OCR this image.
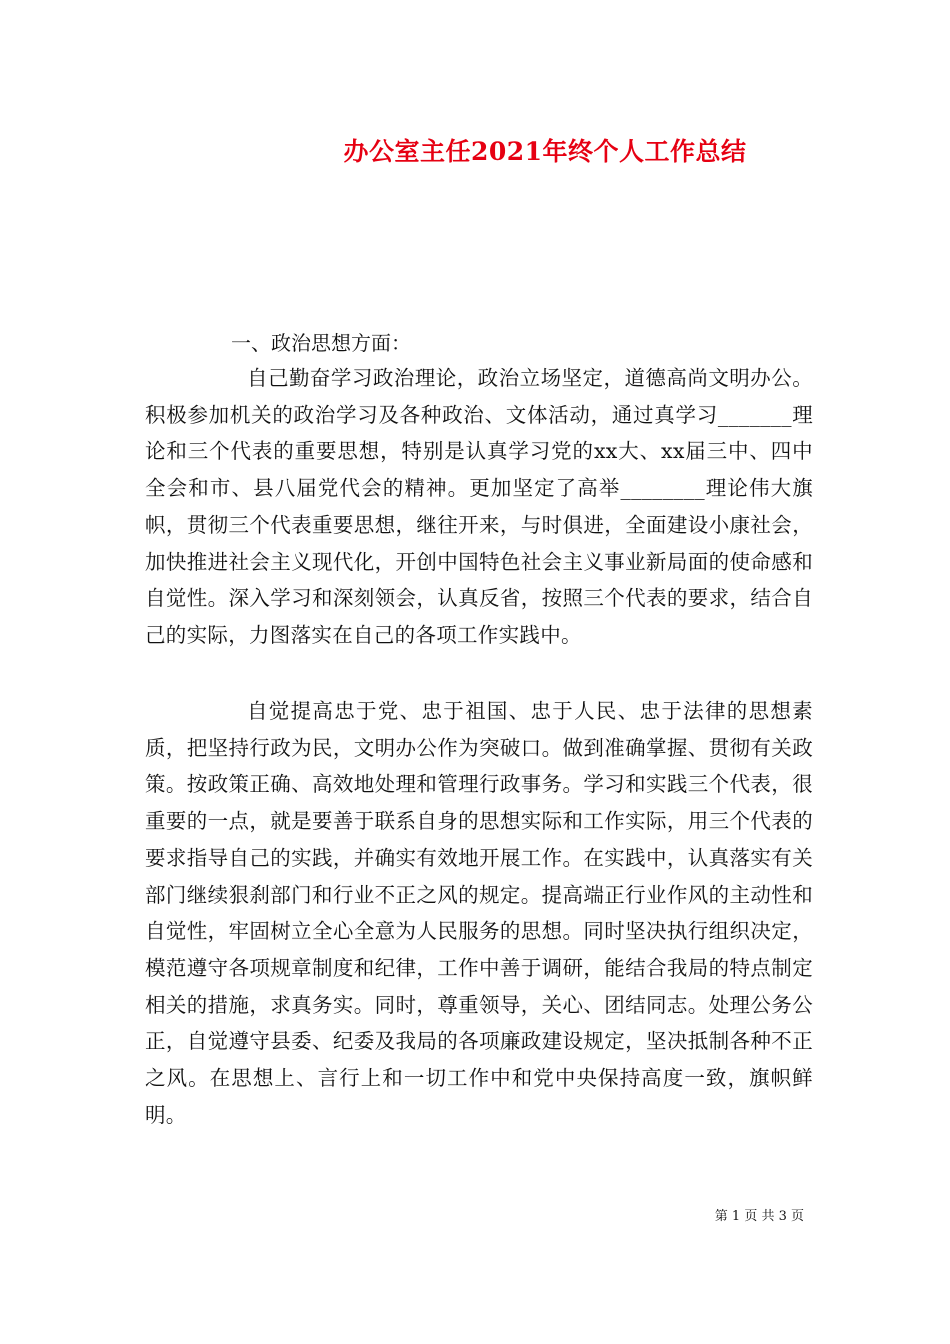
办公室主任2021年终个人工作总结

一、政治思想方面：

自己勤奋学习政治理论，政治立场坚定，道德高尚文明办公。积极参加机关的政治学习及各种政治、文体活动，通过真学习_______理论和三个代表的重要思想，特别是认真学习党的xx大、xx届三中、四中全会和市、县八届党代会的精神。更加坚定了高举________理论伟大旗帜，贯彻三个代表重要思想，继往开来，与时俱进，全面建设小康社会，加快推进社会主义现代化，开创中国特色社会主义事业新局面的使命感和自觉性。深入学习和深刻领会，认真反省，按照三个代表的要求，结合自己的实际，力图落实在自己的各项工作实践中。

自觉提高忠于党、忠于祖国、忠于人民、忠于法律的思想素质，把坚持行政为民，文明办公作为突破口。做到准确掌握、贯彻有关政策。按政策正确、高效地处理和管理行政事务。学习和实践三个代表，很重要的一点，就是要善于联系自身的思想实际和工作实际，用三个代表的要求指导自己的实践，并确实有效地开展工作。在实践中，认真落实有关部门继续狠刹部门和行业不正之风的规定。提高端正行业作风的主动性和自觉性，牢固树立全心全意为人民服务的思想。同时坚决执行组织决定，模范遵守各项规章制度和纪律，工作中善于调研，能结合我局的特点制定相关的措施，求真务实。同时，尊重领导，关心、团结同志。处理公务公正，自觉遵守县委、纪委及我局的各项廉政建设规定，坚决抵制各种不正之风。在思想上、言行上和一切工作中和党中央保持高度一致，旗帜鲜明。

第 1 页 共 3 页
